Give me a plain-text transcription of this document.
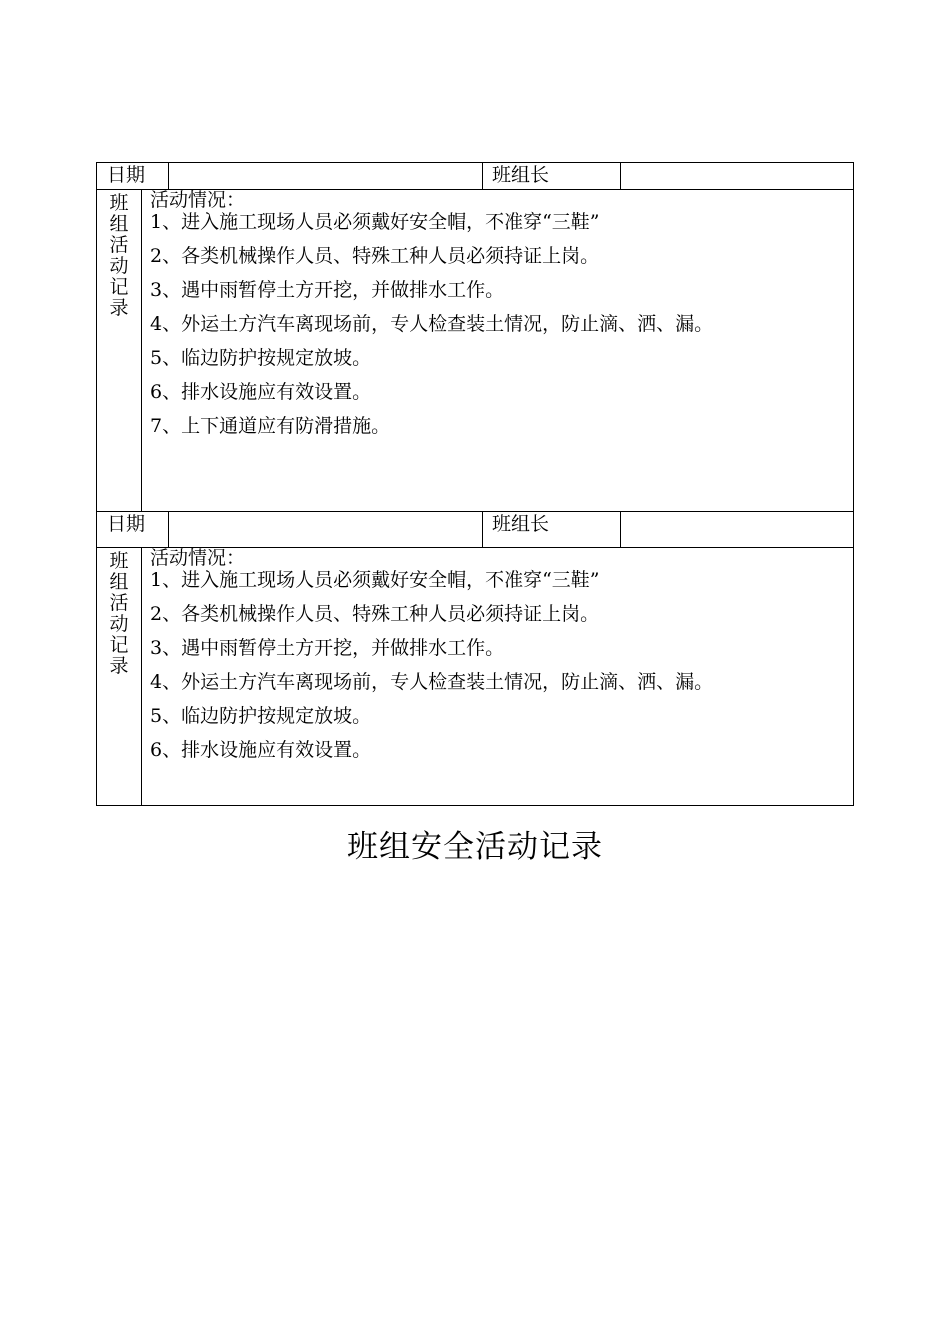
日期	班组长
班
组
活
动
记
录
活动情况：
1、进入施工现场人员必须戴好安全帽，不准穿“三鞋”
2、各类机械操作人员、特殊工种人员必须持证上岗。
3、遇中雨暂停土方开挖，并做排水工作。
4、外运土方汽车离现场前，专人检查装土情况，防止滴、洒、漏。
5、临边防护按规定放坡。
6、排水设施应有效设置。
7、上下通道应有防滑措施。
日期	班组长
班
组
活
动
记
录
活动情况：
1、进入施工现场人员必须戴好安全帽，不准穿“三鞋”
2、各类机械操作人员、特殊工种人员必须持证上岗。
3、遇中雨暂停土方开挖，并做排水工作。
4、外运土方汽车离现场前，专人检查装土情况，防止滴、洒、漏。
5、临边防护按规定放坡。
6、排水设施应有效设置。
班组安全活动记录
